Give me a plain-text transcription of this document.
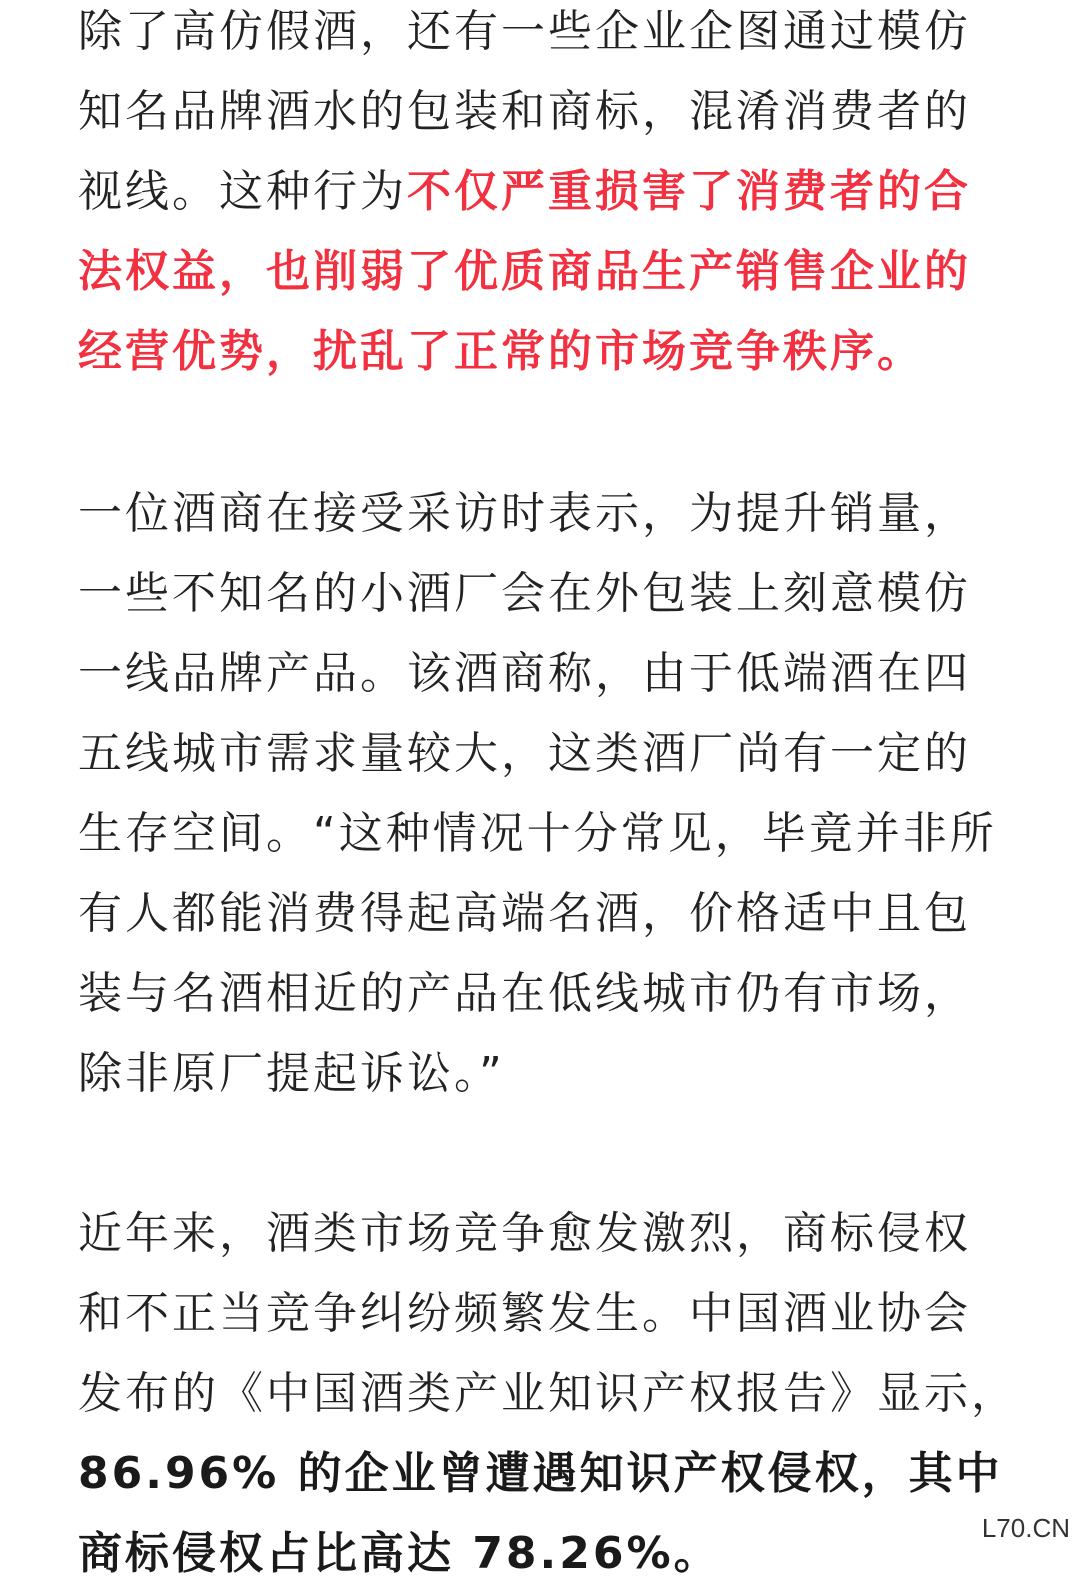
除了高仿假酒，还有一些企业企图通过模仿
知名品牌酒水的包装和商标，混淆消费者的
视线。这种行为不仅严重损害了消费者的合
法权益，也削弱了优质商品生产销售企业的
经营优势，扰乱了正常的市场竞争秩序。

一位酒商在接受采访时表示，为提升销量，
一些不知名的小酒厂会在外包装上刻意模仿
一线品牌产品。该酒商称，由于低端酒在四
五线城市需求量较大，这类酒厂尚有一定的
生存空间。“这种情况十分常见，毕竟并非所
有人都能消费得起高端名酒，价格适中且包
装与名酒相近的产品在低线城市仍有市场，
除非原厂提起诉讼。”

近年来，酒类市场竞争愈发激烈，商标侵权
和不正当竞争纠纷频繁发生。中国酒业协会
发布的《中国酒类产业知识产权报告》显示，
86.96% 的企业曾遭遇知识产权侵权，其中
商标侵权占比高达 78.26%。	L70.CN
